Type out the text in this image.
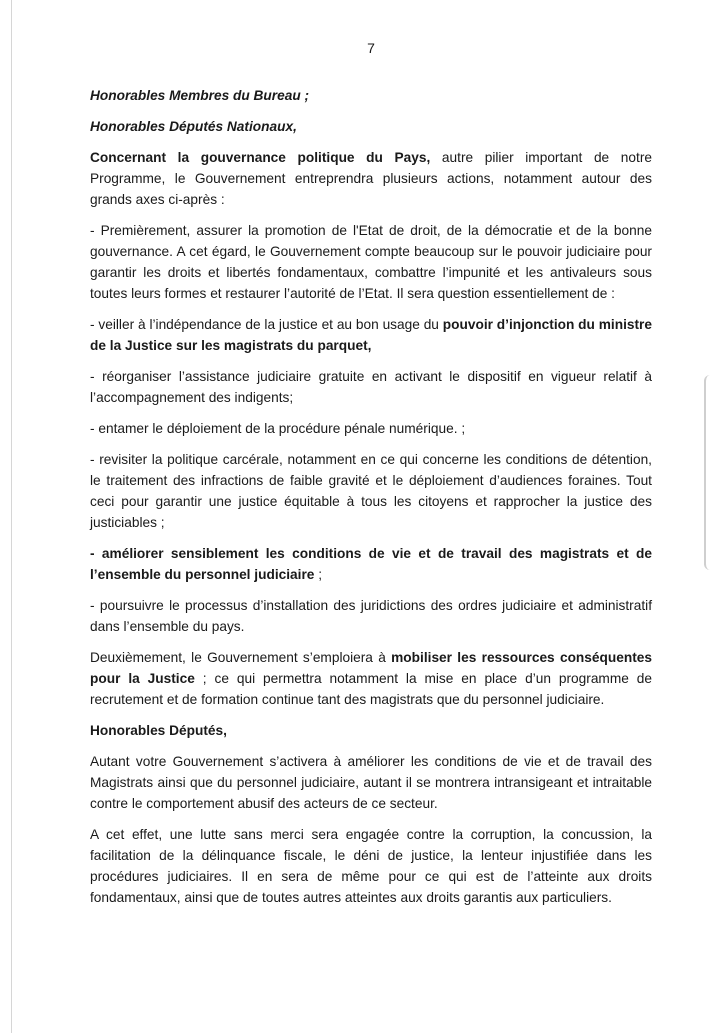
7

Honorables Membres du Bureau ;

Honorables Députés Nationaux,

Concernant la gouvernance politique du Pays, autre pilier important de notre Programme, le Gouvernement entreprendra plusieurs actions, notamment autour des grands axes ci-après :

- Premièrement, assurer la promotion de l'Etat de droit, de la démocratie et de la bonne gouvernance. A cet égard, le Gouvernement compte beaucoup sur le pouvoir judiciaire pour garantir les droits et libertés fondamentaux, combattre l’impunité et les antivaleurs sous toutes leurs formes et restaurer l’autorité de l’Etat. Il sera question essentiellement de :

- veiller à l’indépendance de la justice et au bon usage du pouvoir d’injonction du ministre de la Justice sur les magistrats du parquet,

- réorganiser l’assistance judiciaire gratuite en activant le dispositif en vigueur relatif à l’accompagnement des indigents;

- entamer le déploiement de la procédure pénale numérique. ;

- revisiter la politique carcérale, notamment en ce qui concerne les conditions de détention, le traitement des infractions de faible gravité et le déploiement d’audiences foraines. Tout ceci pour garantir une justice équitable à tous les citoyens et rapprocher la justice des justiciables ;

- améliorer sensiblement les conditions de vie et de travail des magistrats et de l’ensemble du personnel judiciaire ;

- poursuivre le processus d’installation des juridictions des ordres judiciaire et administratif dans l’ensemble du pays.

Deuxièmement, le Gouvernement s’emploiera à mobiliser les ressources conséquentes pour la Justice ; ce qui permettra notamment la mise en place d’un programme de recrutement et de formation continue tant des magistrats que du personnel judiciaire.

Honorables Députés,

Autant votre Gouvernement s’activera à améliorer les conditions de vie et de travail des Magistrats ainsi que du personnel judiciaire, autant il se montrera intransigeant et intraitable contre le comportement abusif des acteurs de ce secteur.

A cet effet, une lutte sans merci sera engagée contre la corruption, la concussion, la facilitation de la délinquance fiscale, le déni de justice, la lenteur injustifiée dans les procédures judiciaires. Il en sera de même pour ce qui est de l’atteinte aux droits fondamentaux, ainsi que de toutes autres atteintes aux droits garantis aux particuliers.
